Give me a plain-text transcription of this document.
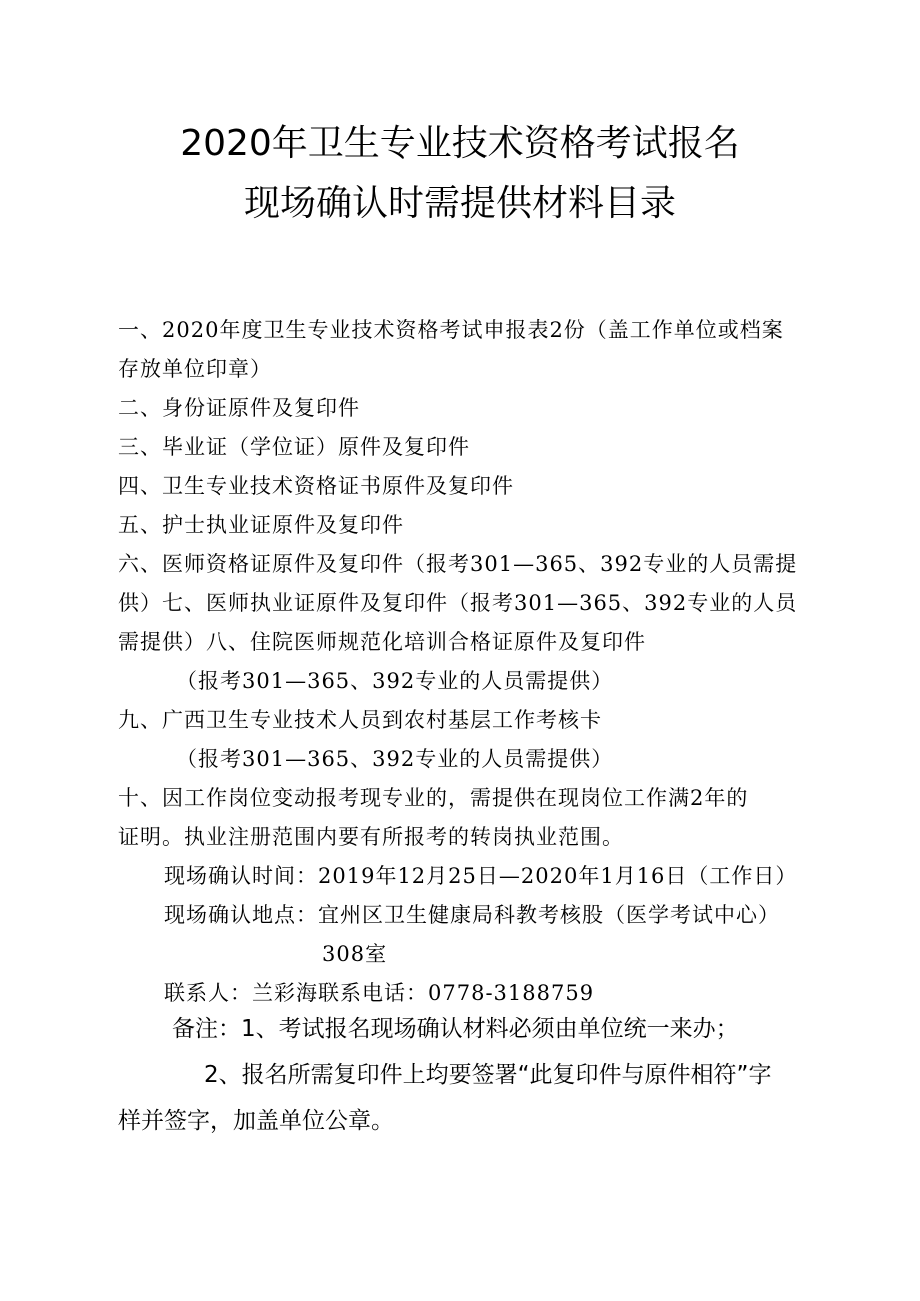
2020年卫生专业技术资格考试报名
现场确认时需提供材料目录
一、2020年度卫生专业技术资格考试申报表2份（盖工作单位或档案
存放单位印章）
二、身份证原件及复印件
三、毕业证（学位证）原件及复印件
四、卫生专业技术资格证书原件及复印件
五、护士执业证原件及复印件
六、医师资格证原件及复印件（报考301—365、392专业的人员需提
供）七、医师执业证原件及复印件（报考301—365、392专业的人员
需提供）八、住院医师规范化培训合格证原件及复印件
（报考301—365、392专业的人员需提供）
九、广西卫生专业技术人员到农村基层工作考核卡
（报考301—365、392专业的人员需提供）
十、因工作岗位变动报考现专业的，需提供在现岗位工作满2年的
证明。执业注册范围内要有所报考的转岗执业范围。
现场确认时间：2019年12月25日—2020年1月16日（工作日）
现场确认地点：宜州区卫生健康局科教考核股（医学考试中心）
308室
联系人：兰彩海联系电话：0778-3188759
备注：1、考试报名现场确认材料必须由单位统一来办；
2、报名所需复印件上均要签署“此复印件与原件相符”字
样并签字，加盖单位公章。
